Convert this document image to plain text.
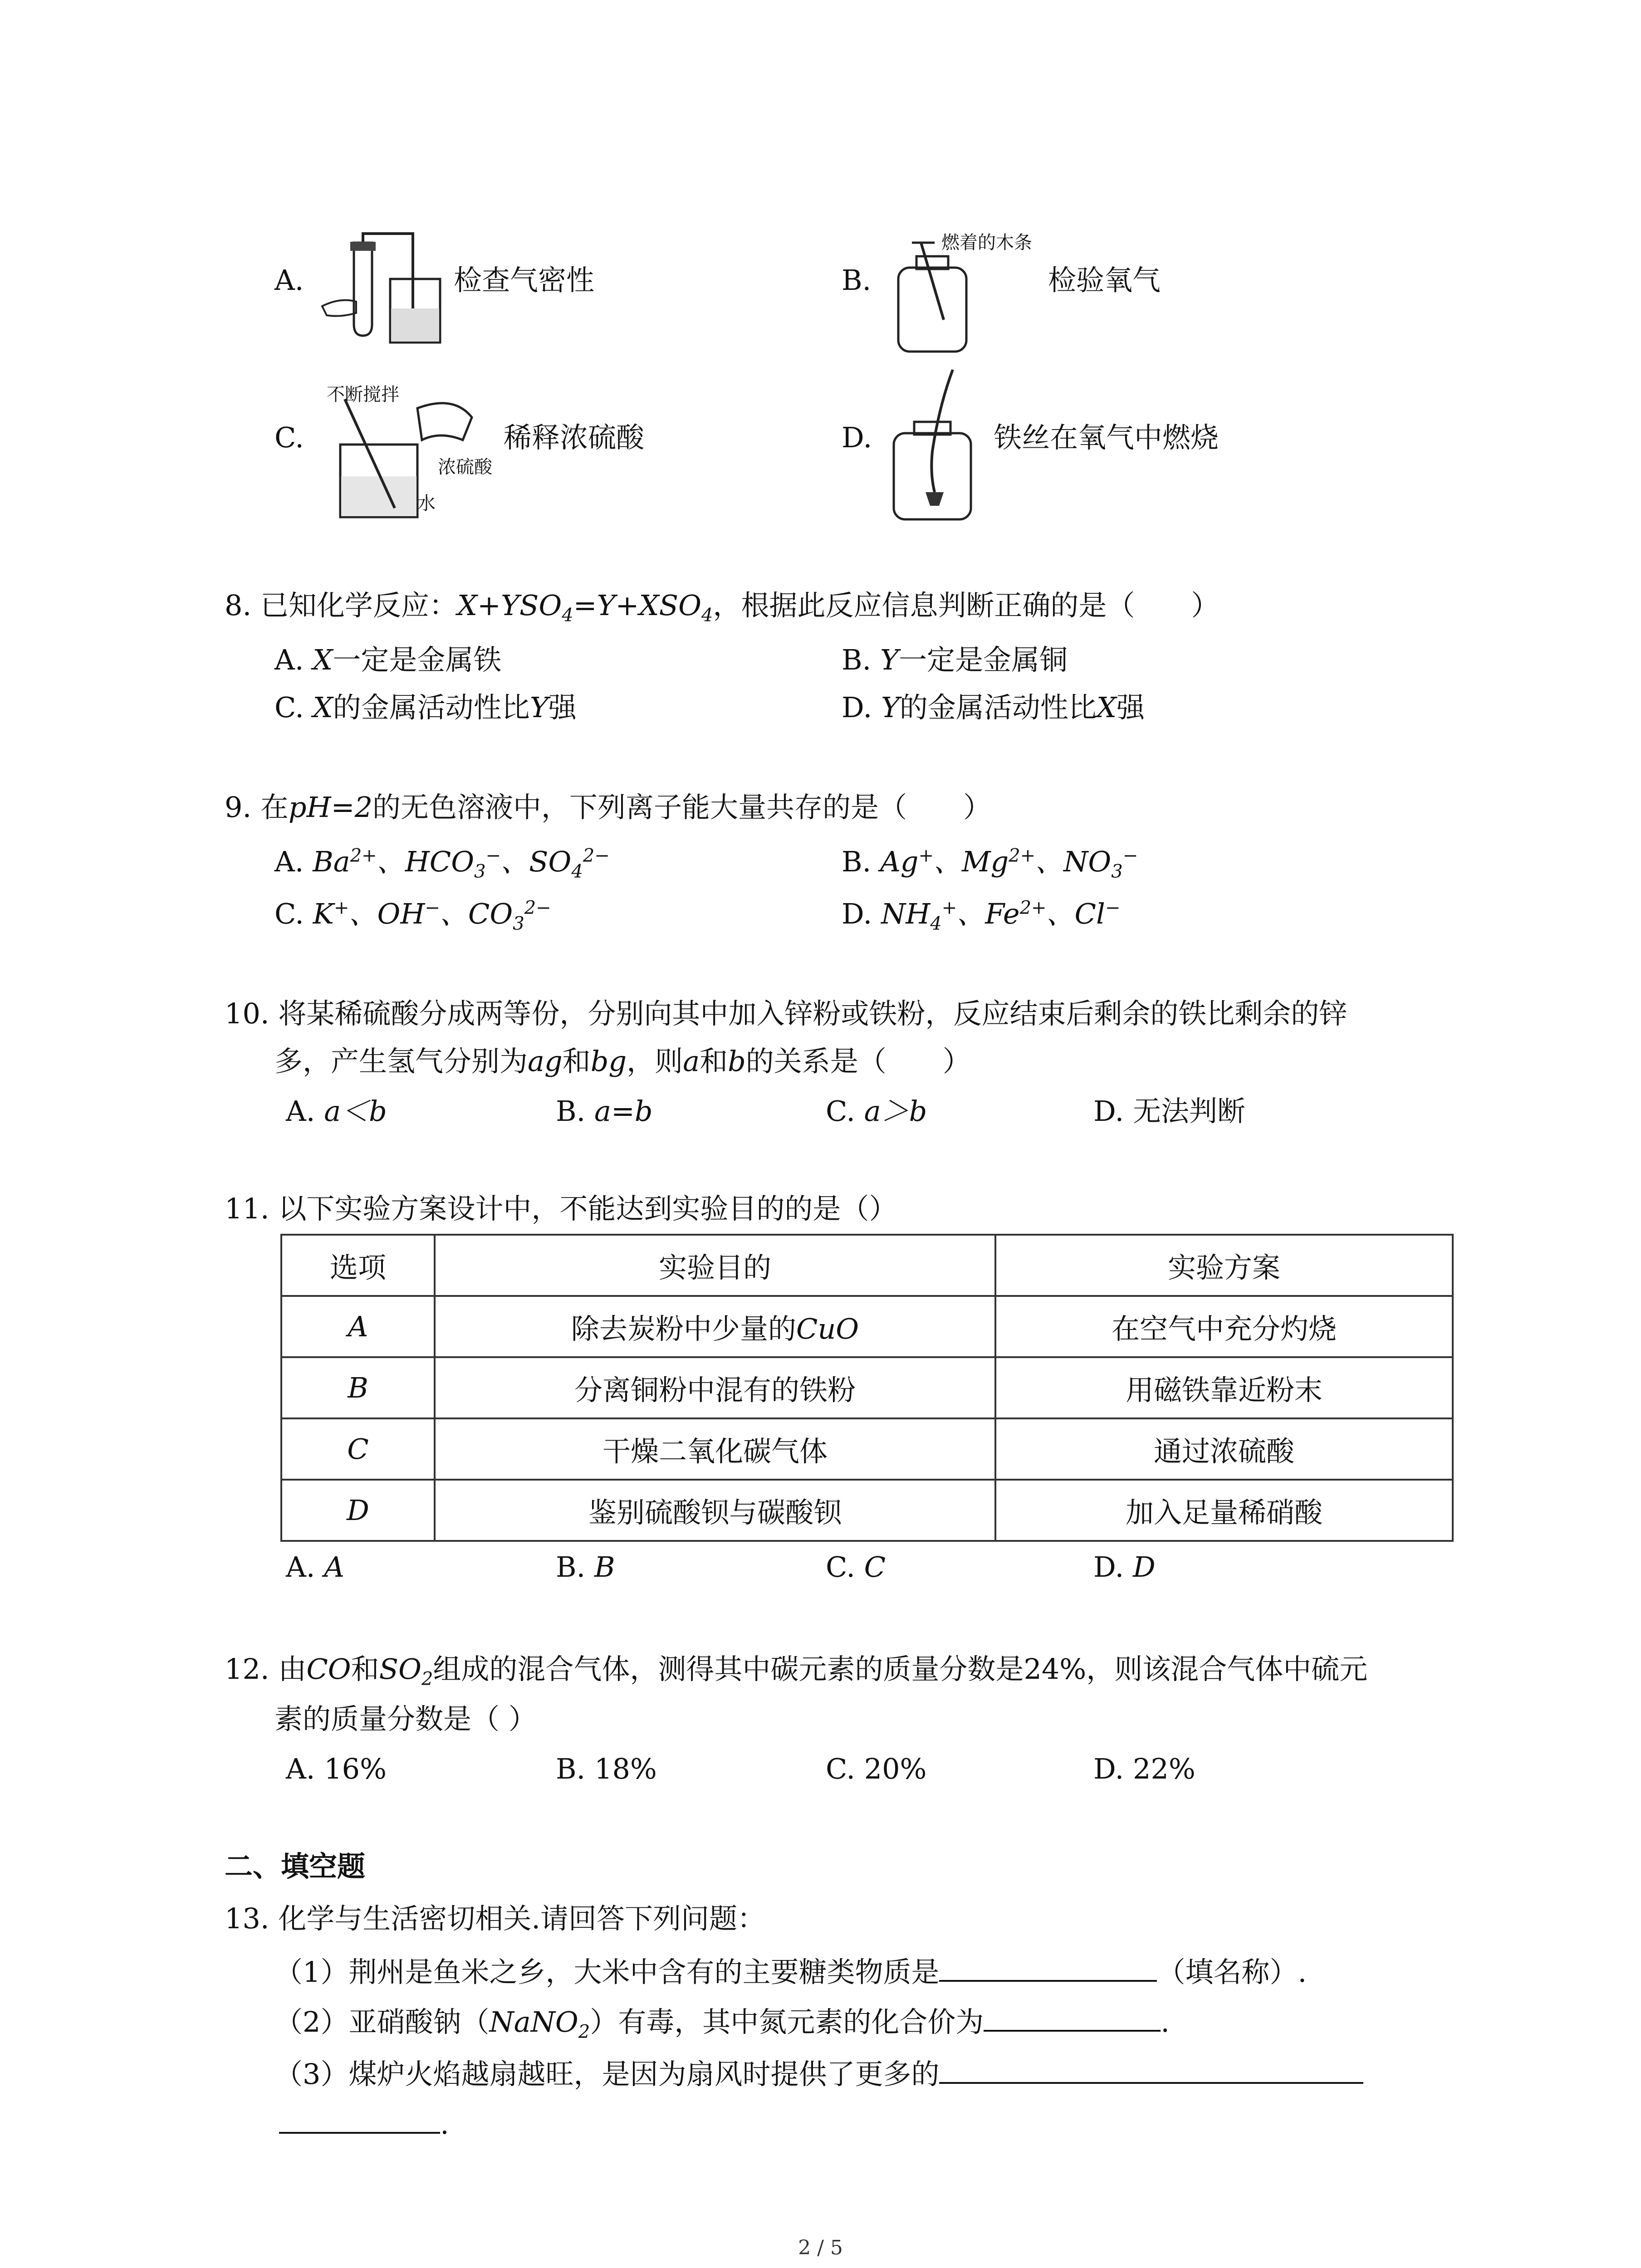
A.	检查气密性	B.
燃着的木条
检验氧气
C.
不断搅拌
浓硫酸
水
稀释浓硫酸	D.	铁丝在氧气中燃烧
8. 已知化学反应：$X+YSO_4=Y+XSO_4$，根据此反应信息判断正确的是（　　）
A. X一定是金属铁	B. Y一定是金属铜
C. X的金属活动性比Y强	D. Y的金属活动性比X强
9. 在pH=2的无色溶液中，下列离子能大量共存的是（　　）
A. $Ba^{2+}$、$HCO_3^-$、$SO_4^{2-}$	B. Ag+、$Mg^{2+}$、$NO_3^-$
C. K+、OH−、$CO_3^{2-}$	D. $NH_4^+$、$Fe^{2+}$、Cl−
10. 将某稀硫酸分成两等份，分别向其中加入锌粉或铁粉，反应结束后剩余的铁比剩余的锌
多，产生氢气分别为ag和bg，则a和b的关系是（　　）
A. a＜b	B. a=b	C. a＞b	D. 无法判断
11. 以下实验方案设计中，不能达到实验目的的是（）
选项	实验目的	实验方案
A	除去炭粉中少量的CuO	在空气中充分灼烧
B	分离铜粉中混有的铁粉	用磁铁靠近粉末
C	干燥二氧化碳气体	通过浓硫酸
D	鉴别硫酸钡与碳酸钡	加入足量稀硝酸
A. A	B. B	C. C	D. D
12. 由CO和$SO_2$组成的混合气体，测得其中碳元素的质量分数是24%，则该混合气体中硫元
素的质量分数是（ ）
A. 16%	B. 18%	C. 20%	D. 22%
二、填空题
13. 化学与生活密切相关.请回答下列问题：
（1）荆州是鱼米之乡，大米中含有的主要糖类物质是	（填名称）.
（2）亚硝酸钠（NaNO$_2$）有毒，其中氮元素的化合价为	.
（3）煤炉火焰越扇越旺，是因为扇风时提供了更多的
.
2 / 5
